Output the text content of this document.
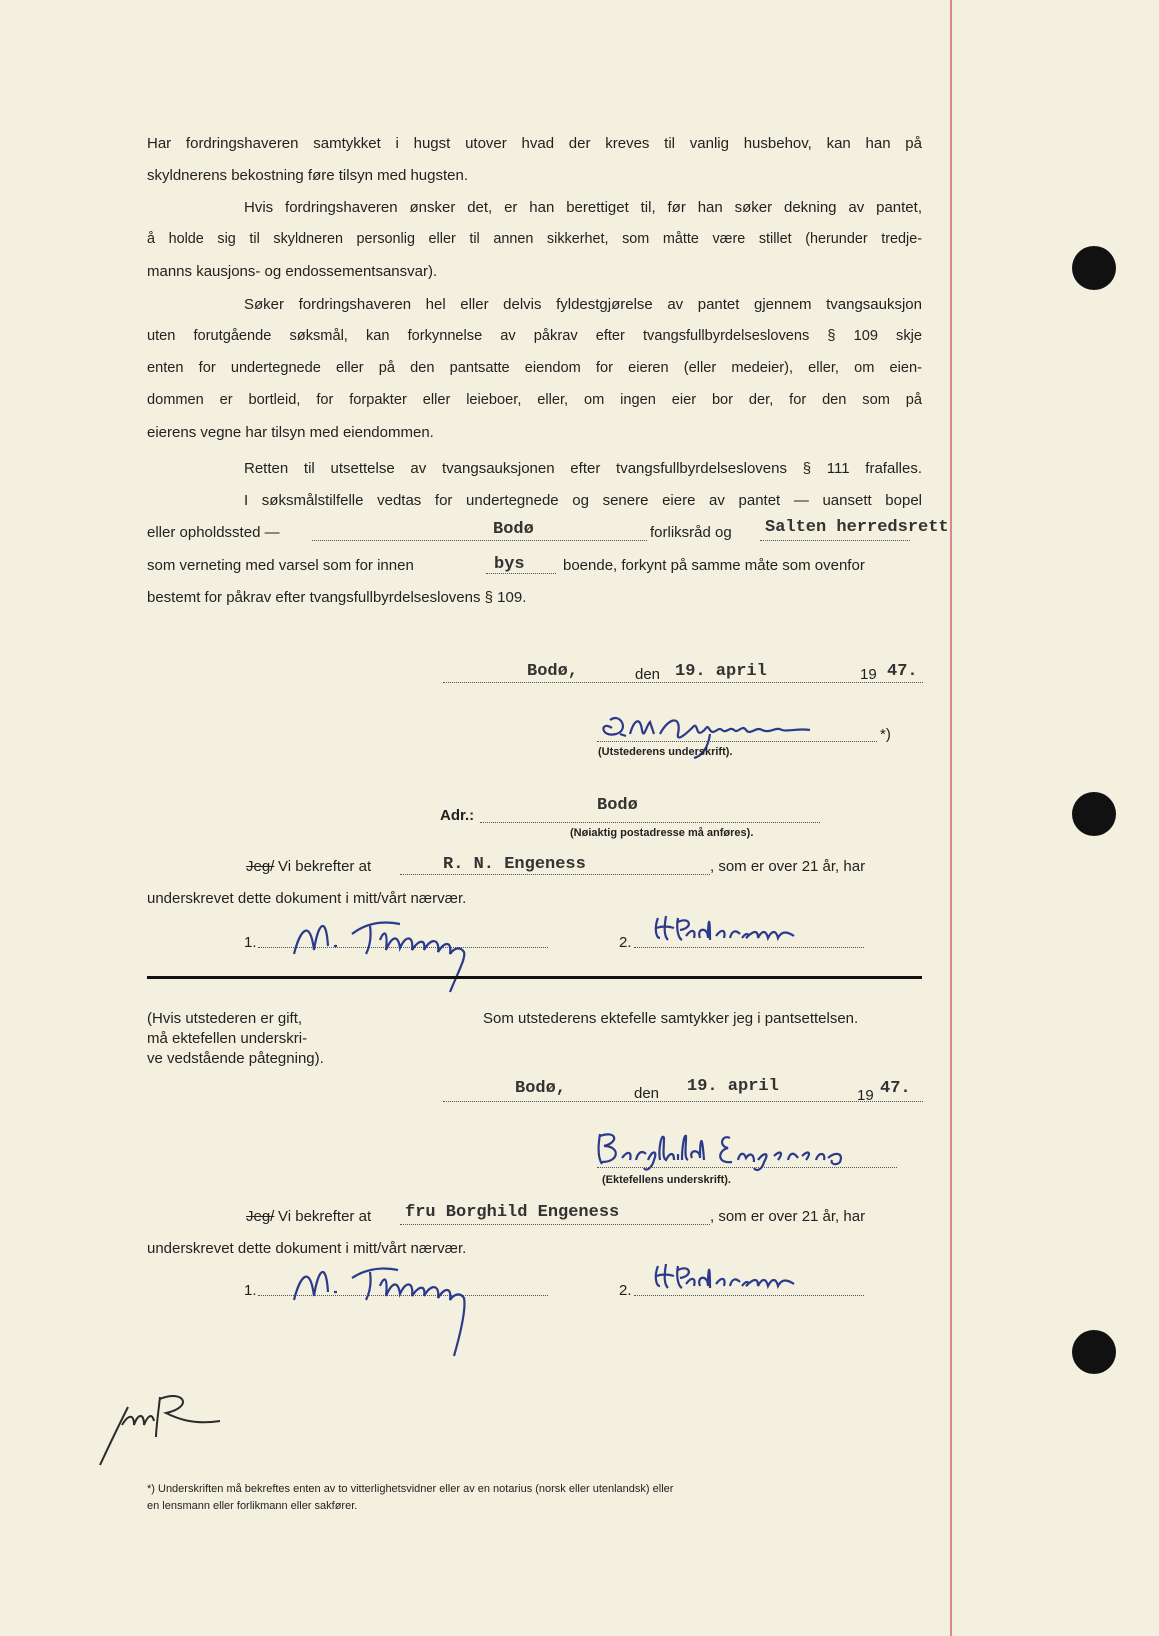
Har fordringshaveren samtykket i hugst utover hvad der kreves til vanlig husbehov, kan han på
skyldnerens bekostning føre tilsyn med hugsten.
Hvis fordringshaveren ønsker det, er han berettiget til, før han søker dekning av pantet,
å holde sig til skyldneren personlig eller til annen sikkerhet, som måtte være stillet (herunder tredje-
manns kausjons- og endossementsansvar).
Søker fordringshaveren hel eller delvis fyldestgjørelse av pantet gjennem tvangsauksjon
uten forutgående søksmål, kan forkynnelse av påkrav efter tvangsfullbyrdelseslovens § 109 skje
enten for undertegnede eller på den pantsatte eiendom for eieren (eller medeier), eller, om eien-
dommen er bortleid, for forpakter eller leieboer, eller, om ingen eier bor der, for den som på
eierens vegne har tilsyn med eiendommen.
Retten til utsettelse av tvangsauksjonen efter tvangsfullbyrdelseslovens § 111 frafalles.
I søksmålstilfelle vedtas for undertegnede og senere eiere av pantet — uansett bopel
eller opholdssted —	Bodø	forliksråd og Salten herredsrett
som verneting med varsel som for innen	bys	boende, forkynt på samme måte som ovenfor
bestemt for påkrav efter tvangsfullbyrdelseslovens § 109.
Bodø,	den 19. april	19 47.
*)
(Utstederens underskrift).
Adr.:
Bodø
(Nøiaktig postadresse må anføres).
Jeg/ Vi bekrefter at	R. N. Engeness	, som er over 21 år, har
underskrevet dette dokument i mitt/vårt nærvær.
1.	2.
(Hvis utstederen er gift,
må ektefellen underskri-
ve vedstående påtegning).
Som utstederens ektefelle samtykker jeg i pantsettelsen.
Bodø,	den 19. april	19 47.
(Ektefellens underskrift).
Jeg/ Vi bekrefter at fru Borghild Engeness	, som er over 21 år, har
underskrevet dette dokument i mitt/vårt nærvær.
1.	2.
*) Underskriften må bekreftes enten av to vitterlighetsvidner eller av en notarius (norsk eller utenlandsk) eller
en lensmann eller forlikmann eller sakfører.
